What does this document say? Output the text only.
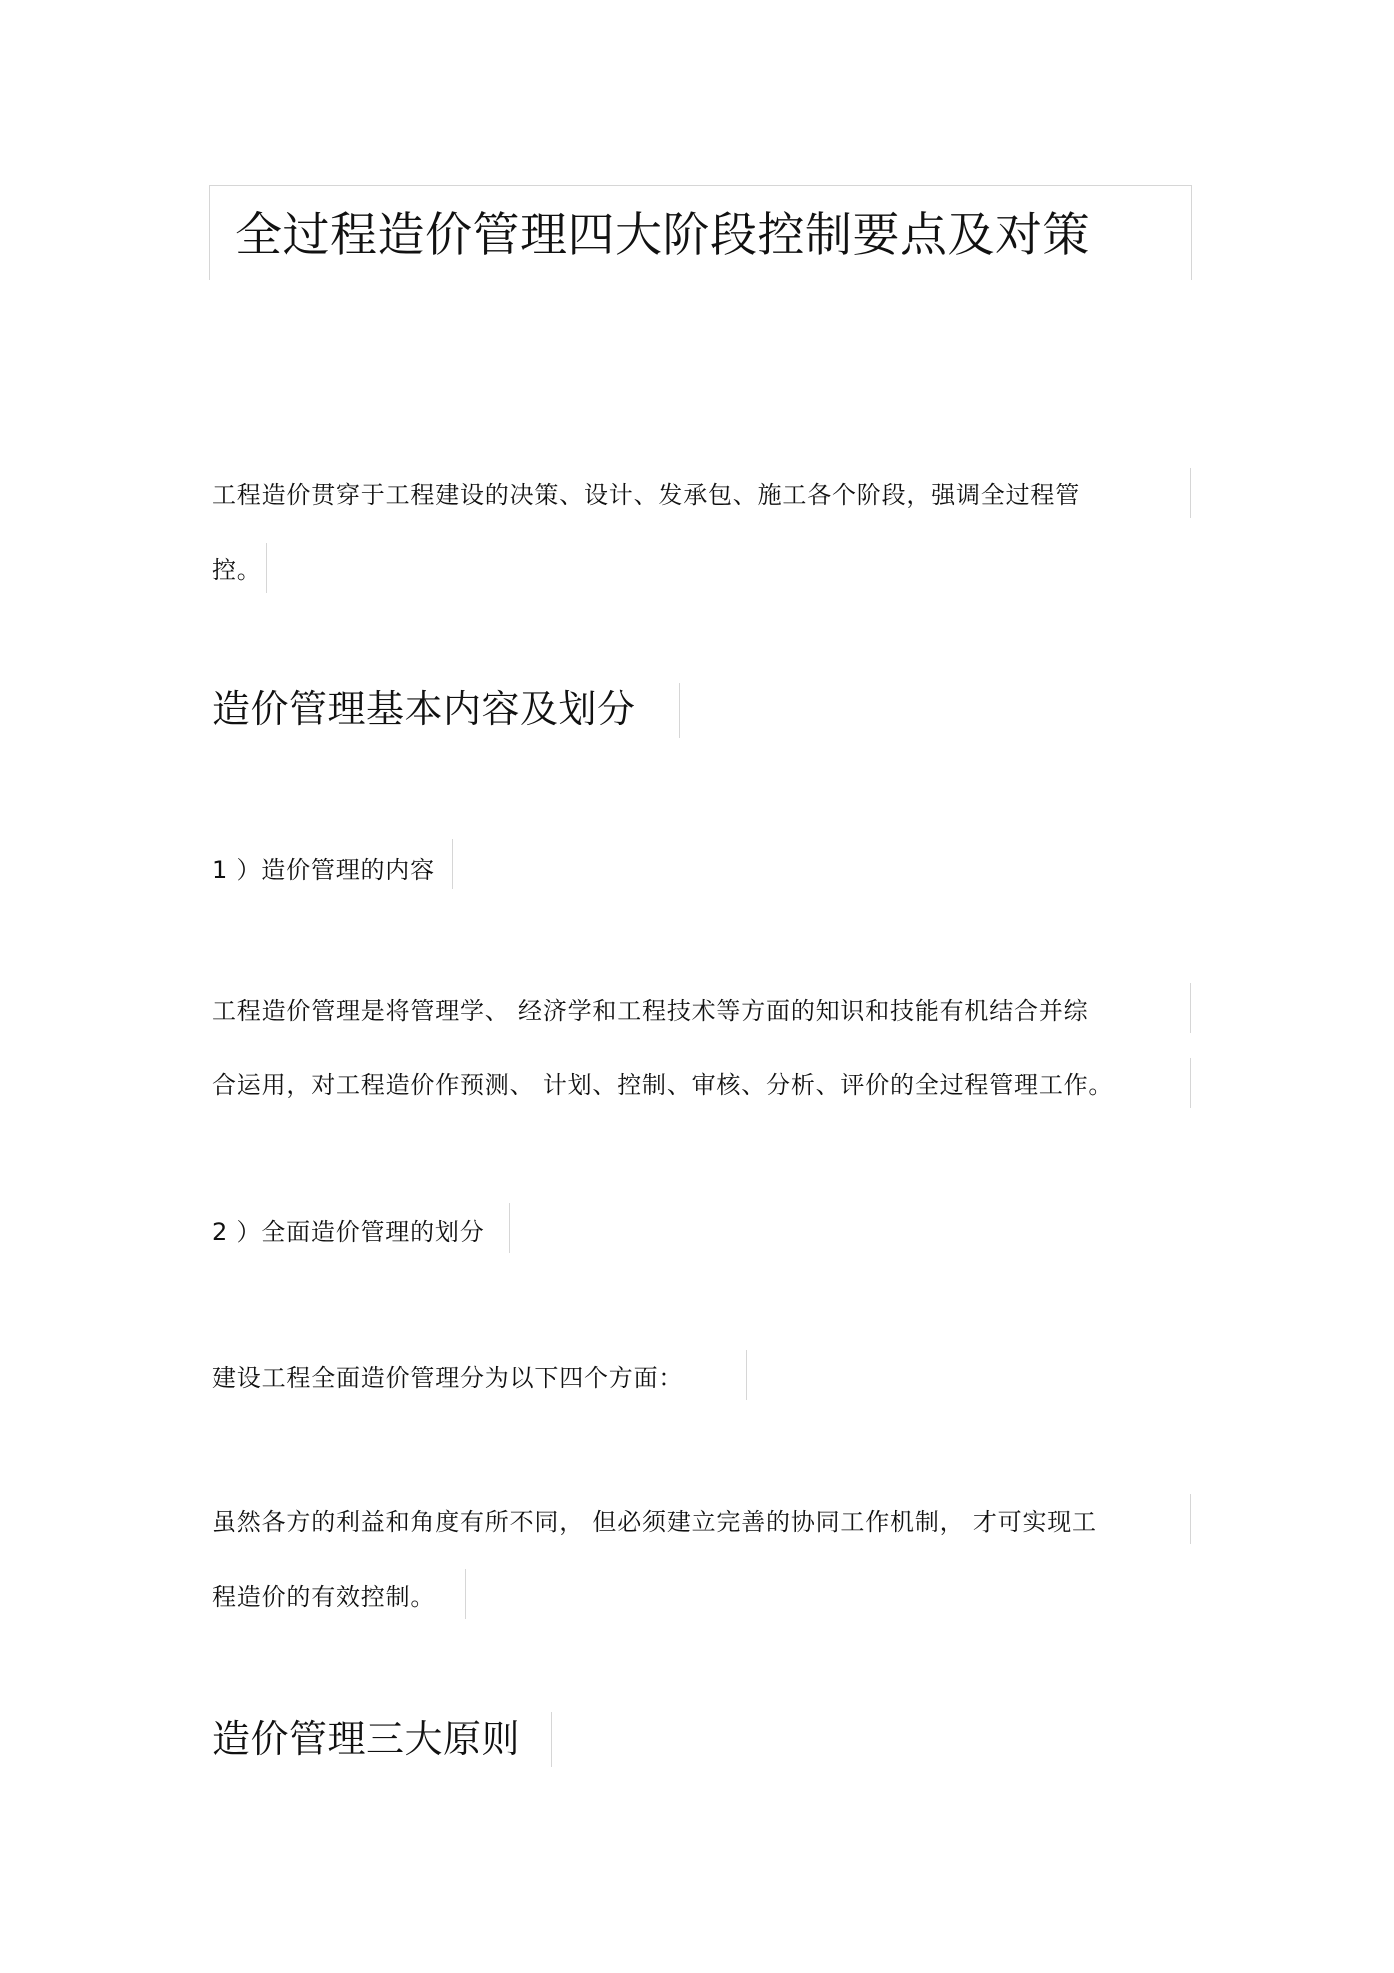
全过程造价管理四大阶段控制要点及对策
工程造价贯穿于工程建设的决策、设计、发承包、施工各个阶段，强调全过程管
控。
造价管理基本内容及划分
1 ）造价管理的内容
工程造价管理是将管理学、 经济学和工程技术等方面的知识和技能有机结合并综
合运用，对工程造价作预测、 计划、控制、审核、分析、评价的全过程管理工作。
2 ）全面造价管理的划分
建设工程全面造价管理分为以下四个方面：
虽然各方的利益和角度有所不同， 但必须建立完善的协同工作机制， 才可实现工
程造价的有效控制。
造价管理三大原则
